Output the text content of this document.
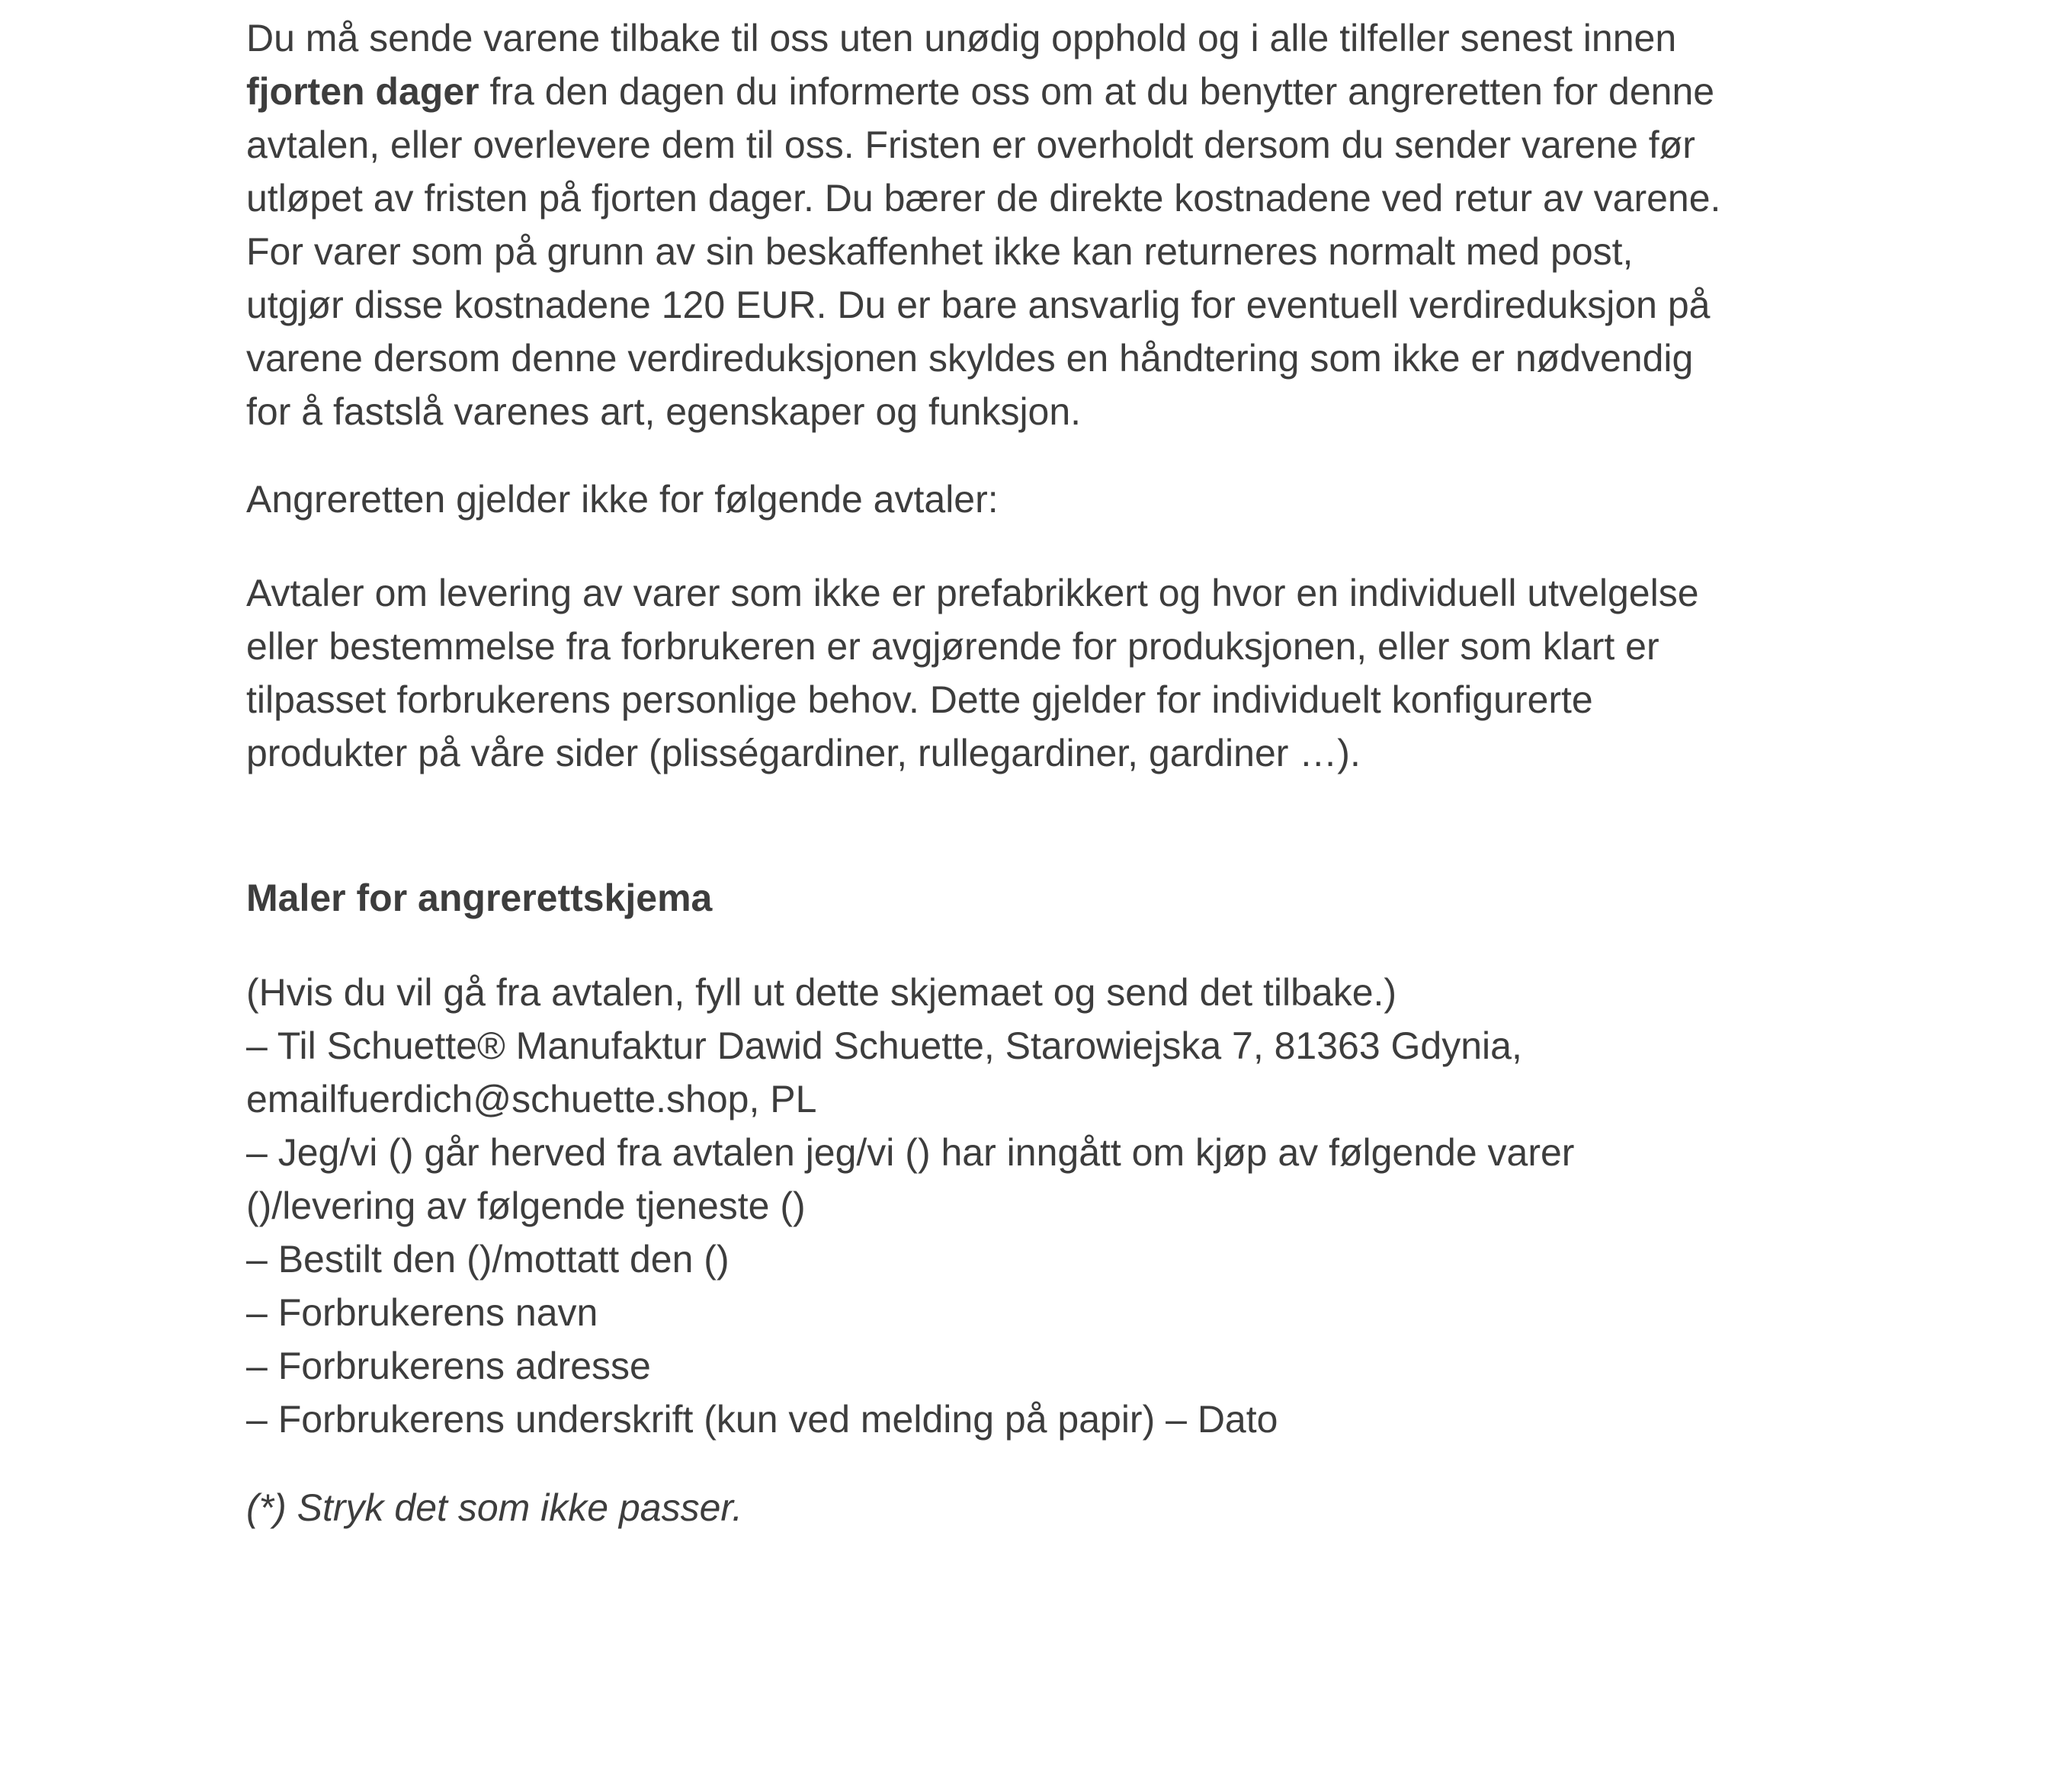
Du må sende varene tilbake til oss uten unødig opphold og i alle tilfeller senest innen
fjorten dager fra den dagen du informerte oss om at du benytter angreretten for denne
avtalen, eller overlevere dem til oss. Fristen er overholdt dersom du sender varene før
utløpet av fristen på fjorten dager. Du bærer de direkte kostnadene ved retur av varene.
For varer som på grunn av sin beskaffenhet ikke kan returneres normalt med post,
utgjør disse kostnadene 120 EUR. Du er bare ansvarlig for eventuell verdireduksjon på
varene dersom denne verdireduksjonen skyldes en håndtering som ikke er nødvendig
for å fastslå varenes art, egenskaper og funksjon.
Angreretten gjelder ikke for følgende avtaler:
Avtaler om levering av varer som ikke er prefabrikkert og hvor en individuell utvelgelse
eller bestemmelse fra forbrukeren er avgjørende for produksjonen, eller som klart er
tilpasset forbrukerens personlige behov. Dette gjelder for individuelt konfigurerte
produkter på våre sider (plisségardiner, rullegardiner, gardiner …).
Maler for angrerettskjema
(Hvis du vil gå fra avtalen, fyll ut dette skjemaet og send det tilbake.)
– Til Schuette® Manufaktur Dawid Schuette, Starowiejska 7, 81363 Gdynia,
emailfuerdich@schuette.shop, PL
– Jeg/vi () går herved fra avtalen jeg/vi () har inngått om kjøp av følgende varer
()/levering av følgende tjeneste ()
– Bestilt den ()/mottatt den ()
– Forbrukerens navn
– Forbrukerens adresse
– Forbrukerens underskrift (kun ved melding på papir) – Dato
(*) Stryk det som ikke passer.
